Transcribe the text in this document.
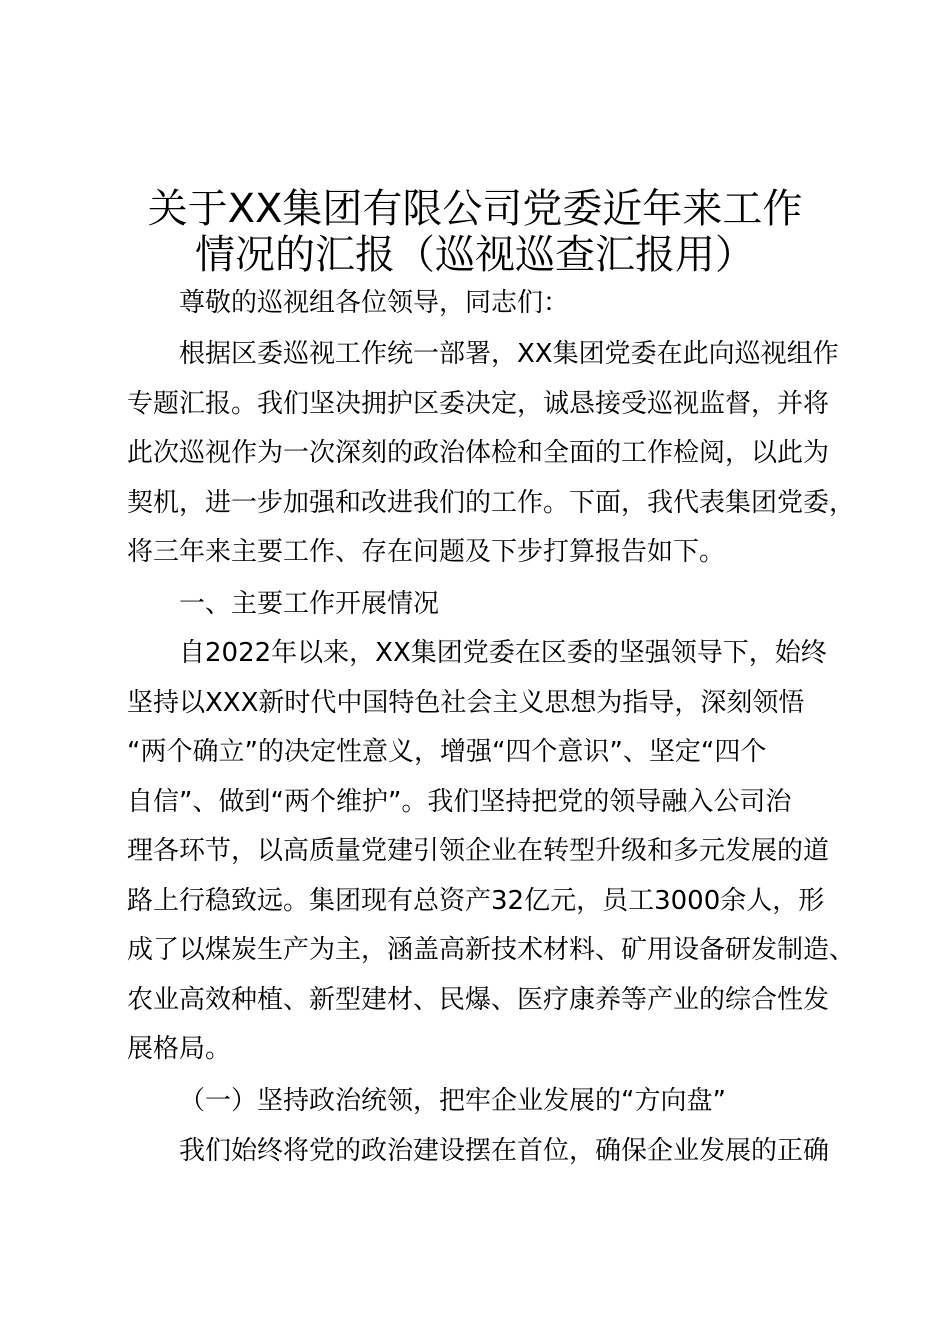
关于XX集团有限公司党委近年来工作
情况的汇报（巡视巡查汇报用）

尊敬的巡视组各位领导，同志们：

根据区委巡视工作统一部署，XX集团党委在此向巡视组作

专题汇报。我们坚决拥护区委决定，诚恳接受巡视监督，并将

此次巡视作为一次深刻的政治体检和全面的工作检阅，以此为

契机，进一步加强和改进我们的工作。下面，我代表集团党委，

将三年来主要工作、存在问题及下步打算报告如下。

一、主要工作开展情况

自2022年以来，XX集团党委在区委的坚强领导下，始终

坚持以XXX新时代中国特色社会主义思想为指导，深刻领悟

“两个确立”的决定性意义，增强“四个意识”、坚定“四个

自信”、做到“两个维护”。我们坚持把党的领导融入公司治

理各环节，以高质量党建引领企业在转型升级和多元发展的道

路上行稳致远。集团现有总资产32亿元，员工3000余人，形

成了以煤炭生产为主，涵盖高新技术材料、矿用设备研发制造、

农业高效种植、新型建材、民爆、医疗康养等产业的综合性发

展格局。

（一）坚持政治统领，把牢企业发展的“方向盘”

我们始终将党的政治建设摆在首位，确保企业发展的正确
